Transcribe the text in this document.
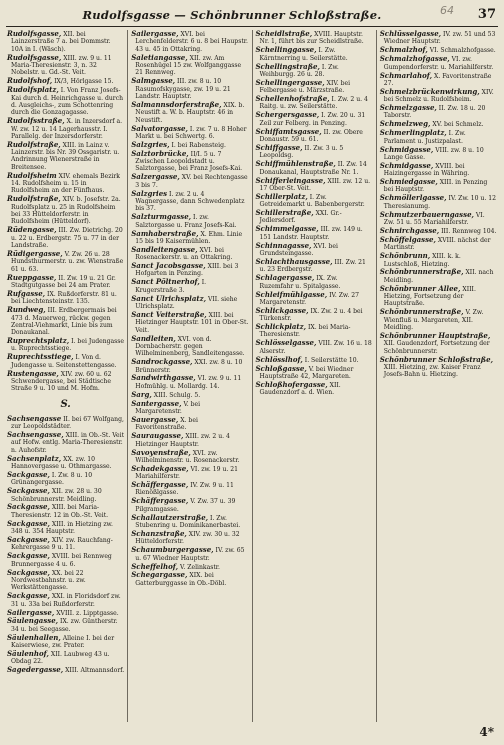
Rudolfsgasse — Schönbrunner Schloßstraße.	64 37
Rudolfsgasse, XII. bei Lainzerstraße 7 a. bei Dommstr. 10A in I. (Wäsch).
Rudolfsgasse, XIII. zw. 9 u. 11 Maria-Theresienstr. 3, n. 32 Nobelstr. u. Gd.-St. Veit.
Rudolfshof, IX/3, Hörlgasse 15.
Rudolfsplatz, I. Von Franz Josefs-Kai durch d. Heinrichgasse u. durch d. Ausgleichs-, zum Schottenring durch die Gonzagagasse.
Rudolfsstraße, X. in Inzersdorf a. W. zw. 12 u. 14 Lagerhausstr. I. Parallelg. der Inzersdorferstr.
Rudolfstraße, XIII. in Lainz v. Lainzerstr. bis Nr. 39 Ossgaristr. u. Andrinnung Wienerstraße in Breitensee.
Rudolfsheim XIV. ehemals Bezirk 14. Rudolfsheim u. 15 in Rudolfsheim an der Fünfhaus.
Rudolfstraße, XIV. b. Josefstr. 2a. Rudolfsplatz u. 25 in Rudolfsheim bei 33 Hütteldorferstr. in Rudolfsheim (Hütteldorf).
Rüdengasse, III. Zw. Dietrichg. 20 u. 22 u. Erdbergstr. 75 u. 77 in der Landstraße.
Rüdigergasse, V. Zw. 26 u. 28 Hundsthurmerstr. u. zw. Wienstraße 61 u. 63.
Rueppgasse, II. Zw. 19 u. 21 Gr. Stadtgutgasse bei 24 am Prater.
Rufgasse, IX. Rußdorferstr. 81 u. bei Liechtensteinstr. 135.
Rundweg, III. Erdbergermais bei 473 d. Mauerweg, rückw. gegen Zentral-Viehmarkt, Linie bis zum Donaukanal.
Ruprechtsplatz, I. bei Judengasse u. Ruprechtsstiege.
Ruprechtsstiege, I. Von d. Judengasse u. Seitenstettengasse.
Rustengasse, XIV. zw. 60 u. 62 Schwendergasse, bei Städtische Straße 9 u. 10 und M. Hofm.
S.
Sachsengasse II. bei 67 Wolfgang, zur Leopoldstädter.
Sachsengasse, XIII. in Ob.-St. Veit auf Hofw. entlg. Maria-Theresienstr. n. Auhofstr.
Sachsenplatz, XX. zw. 10 Hannovergasse u. Othmargasse.
Sackgasse, I. Zw. 8 u. 10 Grünangergasse.
Sackgasse, XII. zw. 28 u. 30 Schönbrunnerstr. Meidling.
Sackgasse, XIII. bei Maria-Theresienstr. 12 in Ob.-St. Veit.
Sackgasse, XIII. in Hietzing zw. 348 u. 354 Hauptstr.
Sackgasse, XIV. zw. Rauchfang-Kehrergasse 9 u. 11.
Sackgasse, XVIII. bei Rennweg Brunnergasse 4 u. 6.
Sackgasse, XX. bei 22 Nordwestbahnstr. u. zw. Werkstättengasse.
Sackgasse, XXI. in Floridsdorf zw. 31 u. 33a bei Rußdorferstr.
Sailergasse, XVIII. z. Lipptgasse.
Säulengasse, IX. zw. Güntherstr. 34 u. bei Seegasse.
Säulenhallen, Alleine I. bei der Kaiserwiese, zw. Prater.
Säulenhof, XII. Laubweg 43 u. Obdag 22.
Sagedergasse, XIII. Altmannsdorf.
Sailergasse, XVI. bei Lerchenfelderstr. 6 u. 8 bei Haupstr. 43 u. 45 in Ottakring.
Saletiangasse, XII. zw. Am Rosenhügel 15 zw. Wolfganggasse 21 Rennweg.
Salmgasse, III. zw. 8 u. 10 Rasumofskygasse, zw. 19 u. 21 Landstr. Hauptstr.
Salmannsdorferstraße, XIX. b. Neustift a. W. b. Hauptstr. 46 in Neustift.
Salvatorgasse, I. zw. 7 u. 8 Hoher Markt u. bei Schwertg. 6.
Salzgries, I. bei Rabensteig.
Salztorbrücke, II/I. 5 u. 7 Zwischen Leopoldstadt u. Salztorgasse, bei Franz Josefs-Kai.
Salzergasse, XV. bei Rechtengasse 3 bis 7.
Salzgries I. zw. 2 u. 4 Wagnergasse, dann Schwedenplatz bis 37.
Salzturmgasse, I. zw. Salztorgasse u. Franz Josefs-Kai.
Samhaberstraße, X. Ehm. Linie 15 bis 19 Kaisermühlen.
Sandleitengasse, XVI. bei Rosenackerstr. u. an Ottakring.
Sanct Jacobsgasse, XIII. bei 3 Hofgarten in Penzing.
Sanct Pöltnerhof, I. Krugerstraße 3.
Sanct Ulrichsplatz, VII. siehe Ulrichsplatz.
Sanct Veiterstraße, XIII. bei Hietzinger Hauptstr. 101 in Ober-St. Veit.
Sandleiten, XVI. von d. Dornbacherstr. gegen Wilhelminenberg, Sandleitengasse.
Sandrockgasse, XXI. zw. 8 u. 10 Brünnerstr.
Sandwirthgasse, VI. zw. 9 u. 11 Hofmühlg. u. Mollardg. 14.
Sarg, XIII. Schulg. 5.
Santergasse, V. bei Margaretenstr.
Sauergasse, X. bei Favoritenstraße.
Sauraugasse, XIII. zw. 2 u. 4 Hietzinger Hauptstr.
Savoyenstraße, XVI. zw. Wilhelminenstr. u. Rosenackerstr.
Schadekgasse, VI. zw. 19 u. 21 Mariahilferstr.
Schäffergasse, IV. Zw. 9 u. 11 Rienößlgasse.
Schäffergasse, V. Zw. 37 u. 39 Pilgramgasse.
Schallautzerstraße, I. Zw. Stubenring u. Dominikanerbastei.
Schanzstraße, XIV. zw. 30 u. 32 Hütteldorferstr.
Schaumburgergasse, IV. zw. 65 u. 67 Wiedner Hauptstr.
Scheffelhof, V. Zelinkastr.
Schegargasse, XIX. bei Gatterburggasse in Ob.-Döbl.
Scheidlstraße, XVIII. Hauptstr. Nr. 1, führt bis zur Scheidlstraße.
Schellinggasse, I. Zw. Kärntnerring u. Seilerstätte.
Schellingstraße, I. Zw. Weihburgg. 26 u. 28.
Schellingergasse, XIV. bei Felbergasse u. Märzstraße.
Schellenhofstraße, I. Zw. 2 u. 4 Raitg. u. zw. Seilerstätte.
Schergersgasse, I. Zw. 20 u. 31 Zeil zur Felberg. in Penzing.
Schiffamtsgasse, II. zw. Obere Donaustr. 59 u. 61.
Schiffgasse, II. Zw. 3 u. 5 Leopoldsg.
Schiffmühlenstraße, II. Zw. 14 Donaukanal, Hauptstraße Nr. 1.
Schifferleingasse, XIII. zw. 12 u. 17 Ober-St. Veit.
Schillerplatz, I. Zw. Getreidemarkt u. Babenbergerstr.
Schillerstraße, XXI. Gr.-Jedlersdorf.
Schimmelgasse, III. zw. 149 u. 151 Landstr. Hauptstr.
Schinnagasse, XVI. bei Grundsteingasse.
Schlachthausgasse, III. Zw. 21 u. 23 Erdbergstr.
Schlagergasse, IX. Zw. Ruzemfahr u. Spitalgasse.
Schleifmühlgasse, IV. Zw. 27 Margaretenstr.
Schlickgasse, IX. Zw. 2 u. 4 bei Türkenstr.
Schlickplatz, IX. bei Maria-Theresienstr.
Schlösselgasse, VIII. Zw. 16 u. 18 Alserstr.
Schlösslhof, I. Seilerstätte 10.
Schloßgasse, V. bei Wiedner Hauptstraße 42, Margareten.
Schloßhofergasse, XII. Gaudenzdorf a. d. Wien.
Schlüsselgasse, IV. zw. 51 und 53 Wiedner Hauptstr.
Schmalzhof, VI. Schmalzhofgasse.
Schmalzhofgasse, VI. zw. Gumpendorferstr. u. Mariahilferstr.
Schmarlahof, X. Favoritenstraße 27.
Schmelzbrückenwirkung, XIV. bei Schmelz u. Rudolfsheim.
Schmelzgasse, II. Zw. 18 u. 20 Taborstr.
Schmelzweg, XV. bei Schmelz.
Schmerlingplatz, I. Zw. Parlament u. Justizpalast.
Schmidgasse, VIII. zw. 8 u. 10 Lange Gasse.
Schmidgasse, XVIII. bei Haizingergasse in Währing.
Schmiedgasse, XIII. in Penzing bei Hauptstr.
Schmöllerlgasse, IV. Zw. 10 u. 12 Theresianumg.
Schmutzerbauerngasse, VI. Zw. 51 u. 55 Mariahilferstr.
Schnirchgasse, III. Rennweg 104.
Schöffelgasse, XVIII. nächst der Martinstr.
Schönbrunn, XIII. k. k. Lustschloß, Hietzing.
Schönbrunnerstraße, XII. nach Meidling.
Schönbrunner Allee, XIII. Hietzing, Fortsetzung der Hauptstraße.
Schönbrunnerstraße, V. Zw. Wienfluß u. Margareten, XII. Meidling.
Schönbrunner Hauptstraße, XII. Gaudenzdorf, Fortsetzung der Schönbrunnerstr.
Schönbrunner Schloßstraße, XIII. Hietzing, zw. Kaiser Franz Josefs-Bahn u. Hietzing.
4*
